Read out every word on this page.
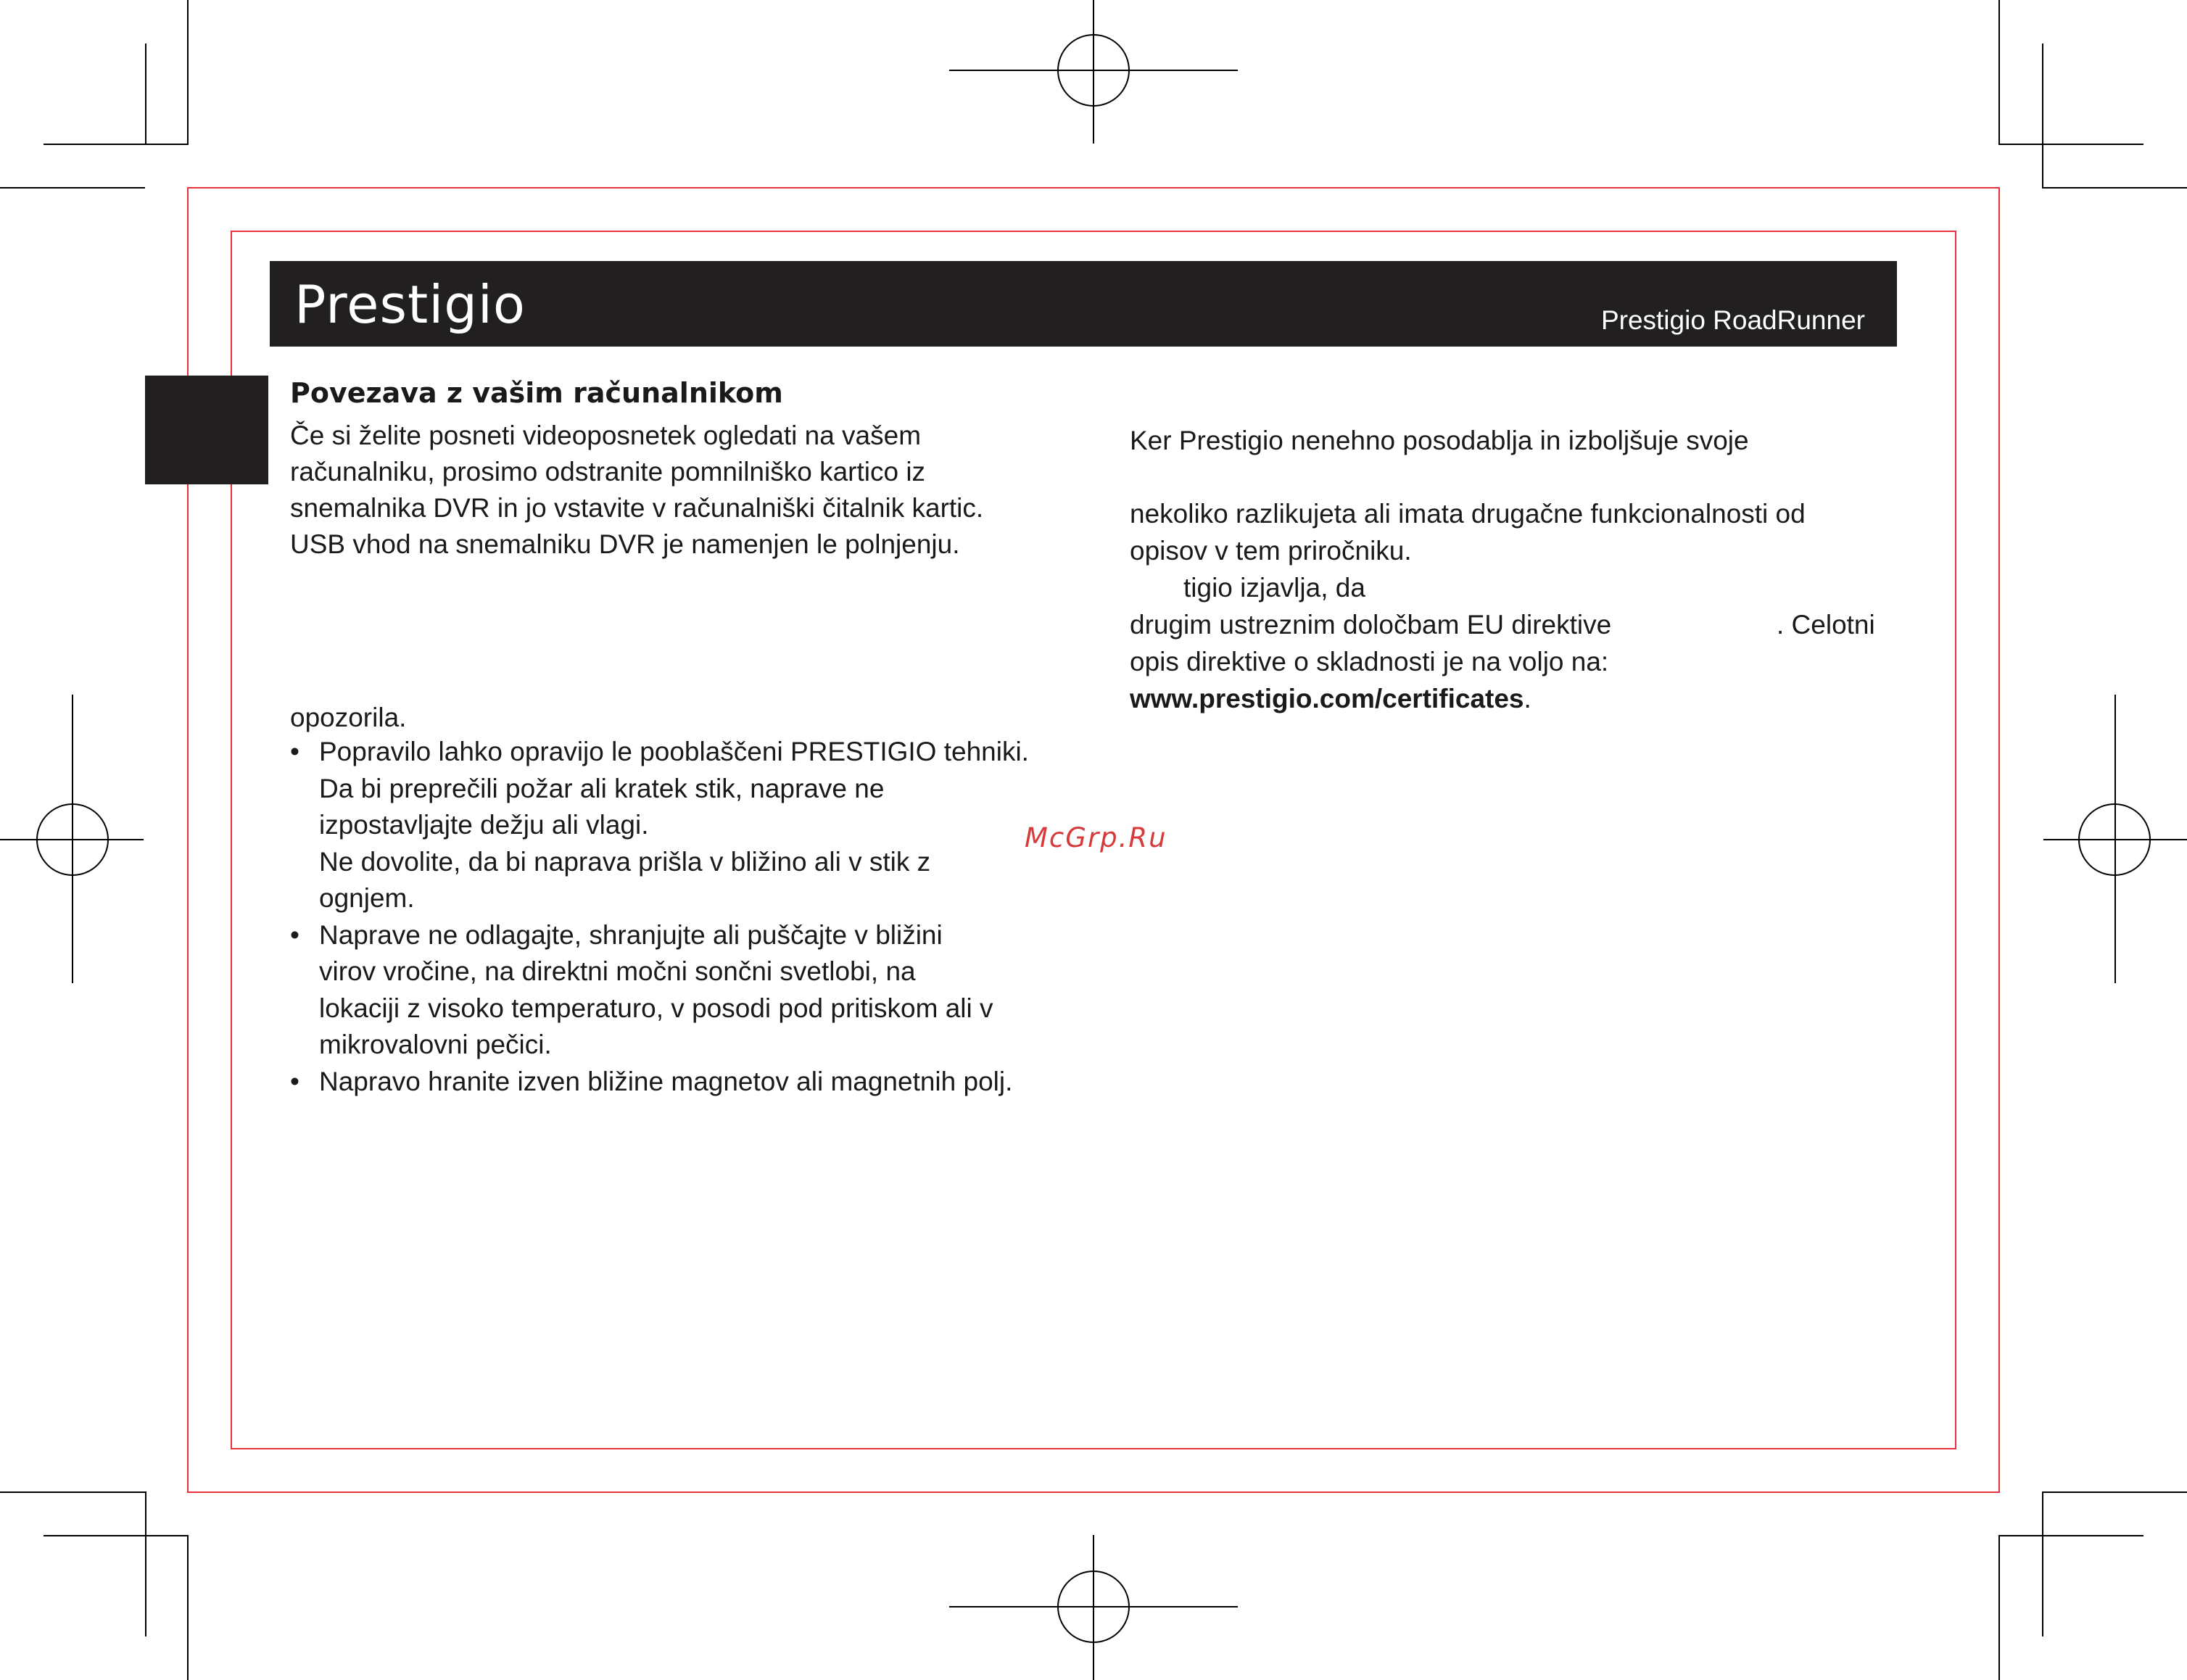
Prestigio	Prestigio RoadRunner
Povezava z vašim računalnikom

Če si želite posneti videoposnetek ogledati na vašem

računalniku, prosimo odstranite pomnilniško kartico iz

snemalnika DVR in jo vstavite v računalniški čitalnik kartic.

USB vhod na snemalniku DVR je namenjen le polnjenju.

opozorila.

• Popravilo lahko opravijo le pooblaščeni PRESTIGIO tehniki.
Da bi preprečili požar ali kratek stik, naprave ne
izpostavljajte dežju ali vlagi.
Ne dovolite, da bi naprava prišla v bližino ali v stik z
ognjem.
• Naprave ne odlagajte, shranjujte ali puščajte v bližini
virov vročine, na direktni močni sončni svetlobi, na
lokaciji z visoko temperaturo, v posodi pod pritiskom ali v
mikrovalovni pečici.
• Napravo hranite izven bližine magnetov ali magnetnih polj.

Ker Prestigio nenehno posodablja in izboljšuje svoje

nekoliko razlikujeta ali imata drugačne funkcionalnosti od

opisov v tem priročniku.

tigio izjavlja, da

drugim ustreznim določbam EU direktive	. Celotni

opis direktive o skladnosti je na voljo na:

www.prestigio.com/certificates.

McGrp.Ru
